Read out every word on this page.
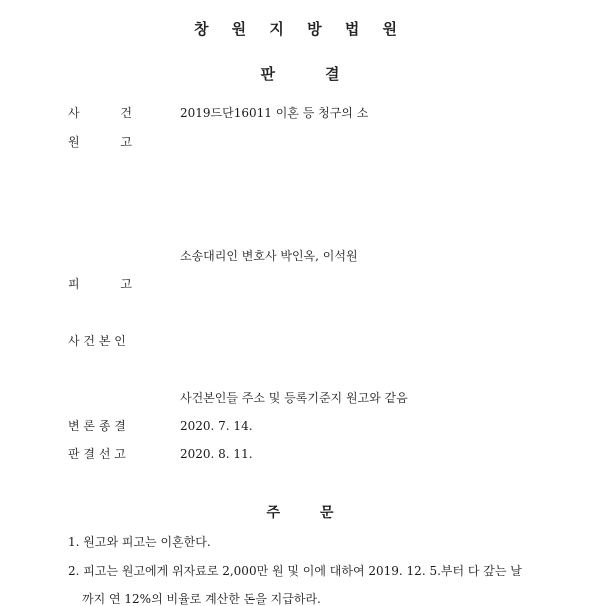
창 원 지 방 법 원
판	결
사	건	2019드단16011 이혼 등 청구의 소
원	고
소송대리인 변호사 박인옥, 이석원
피	고
사 건 본 인
사건본인들 주소 및 등록기준지 원고와 같음
변 론 종 결	2020. 7. 14.
판 결 선 고	2020. 8. 11.
주	문
1. 원고와 피고는 이혼한다.
2. 피고는 원고에게 위자료로 2,000만 원 및 이에 대하여 2019. 12. 5.부터 다 갚는 날
까지 연 12%의 비율로 계산한 돈을 지급하라.
